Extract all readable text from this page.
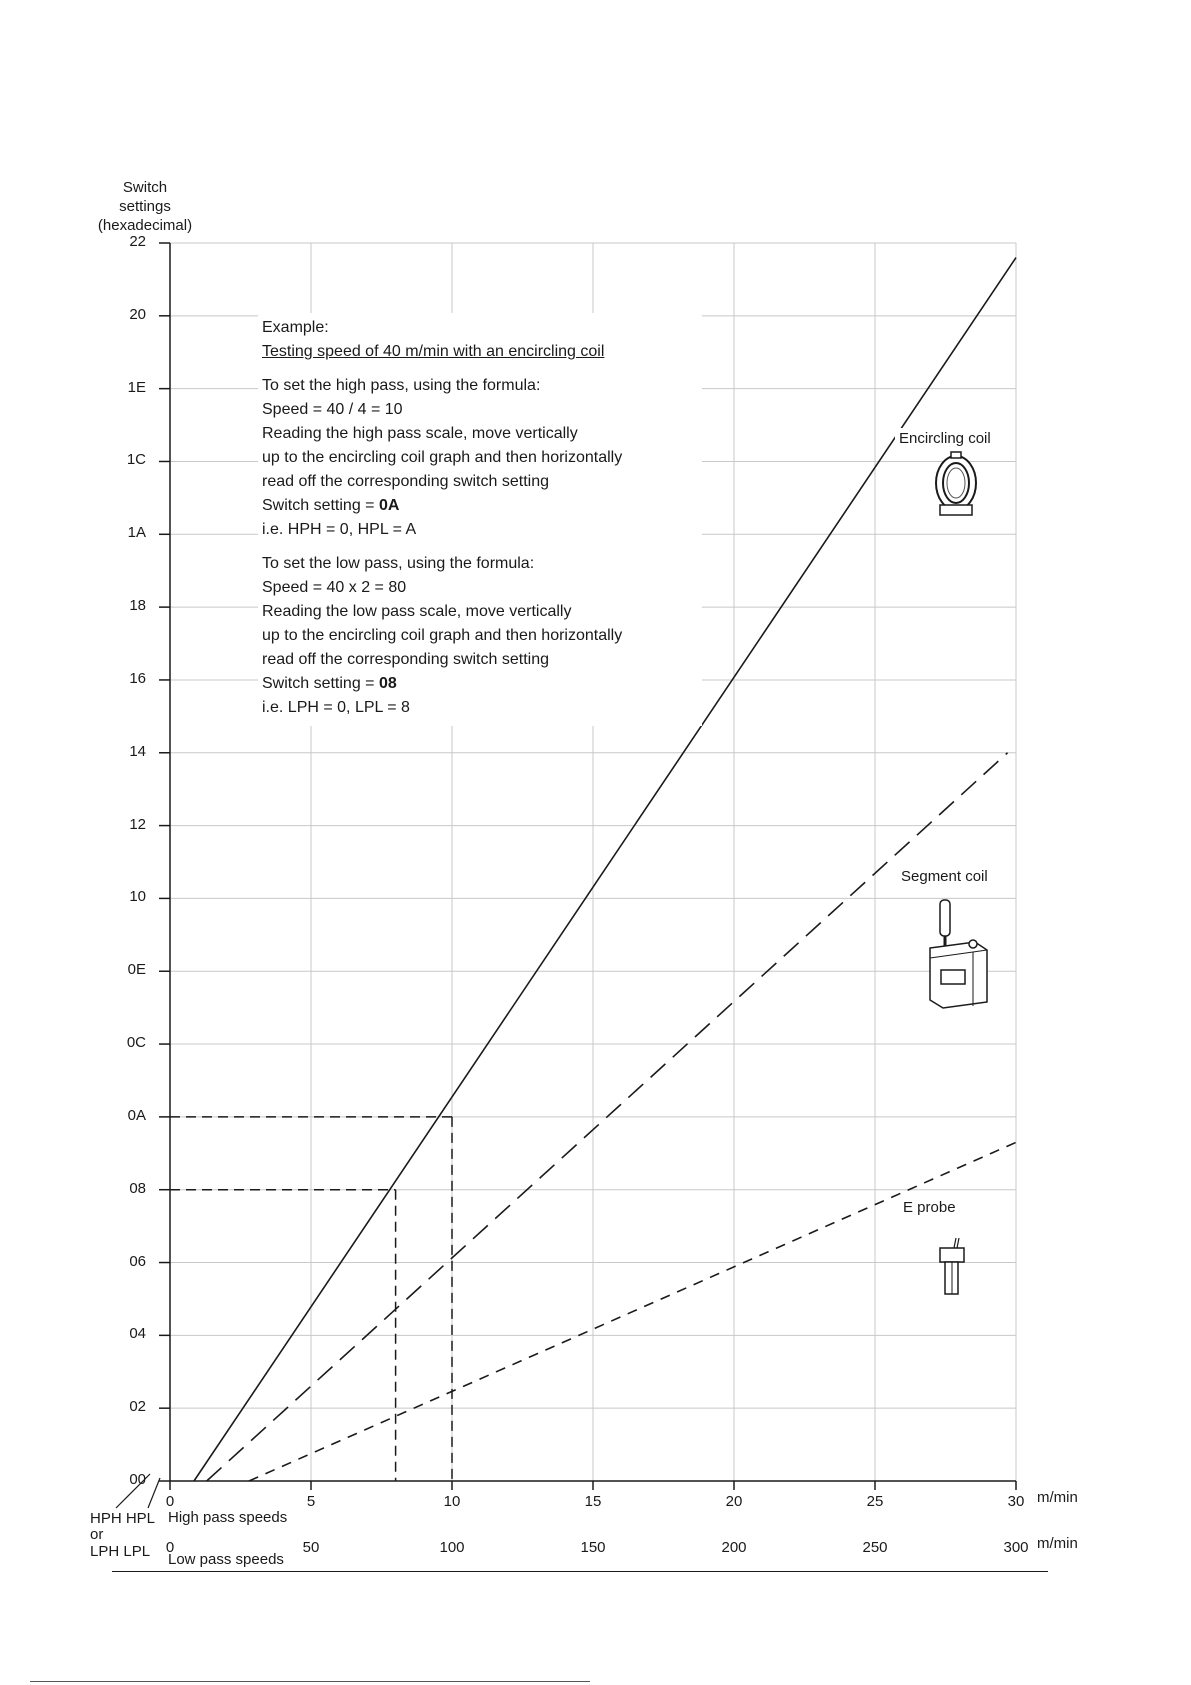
Switch
settings
(hexadecimal)
00
02
04
06
08
0A
0C
0E
10
12
14
16
18
1A
1C
1E
20
22
0
0
5
50
10
100
15
150
20
200
25
250
30
300
m/min
m/min
High pass speeds
Low pass speeds
HPH HPL
or
LPH LPL
Example:
Testing speed of 40 m/min with an encircling coil
To set the high pass, using the formula:
Speed = 40 / 4 = 10
Reading the high pass scale, move vertically
up to the encircling coil graph and then horizontally
read off the corresponding switch setting
Switch setting = 0A
i.e. HPH = 0, HPL = A
To set the low pass, using the formula:
Speed = 40 x 2 = 80
Reading the low pass scale, move vertically
up to the encircling coil graph and then horizontally
read off the corresponding switch setting
Switch setting = 08
i.e. LPH = 0, LPL = 8
Encircling coil
Segment coil
E probe
